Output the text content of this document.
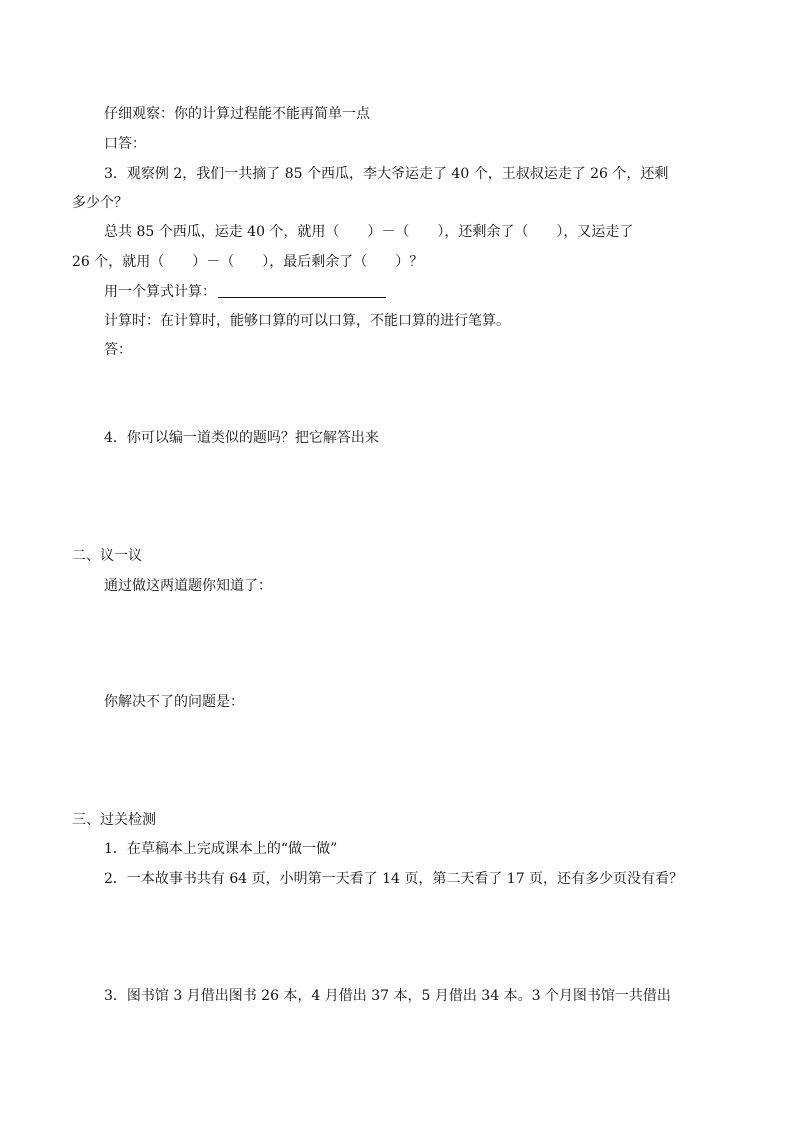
仔细观察：你的计算过程能不能再简单一点
口答：
3．观察例 2，我们一共摘了 85 个西瓜，李大爷运走了 40 个，王叔叔运走了 26 个，还剩
多少个？
总共 85 个西瓜，运走 40 个，就用（　　）－（　　），还剩余了（　　），又运走了
26 个，就用（　　）－（　　），最后剩余了（　　）？
用一个算式计算：
计算时：在计算时，能够口算的可以口算，不能口算的进行笔算。
答：
4．你可以编一道类似的题吗？把它解答出来
二、议一议
通过做这两道题你知道了：
你解决不了的问题是：
三、过关检测
1．在草稿本上完成课本上的“做一做”
2．一本故事书共有 64 页，小明第一天看了 14 页，第二天看了 17 页，还有多少页没有看？
3．图书馆 3 月借出图书 26 本，4 月借出 37 本，5 月借出 34 本。3 个月图书馆一共借出
